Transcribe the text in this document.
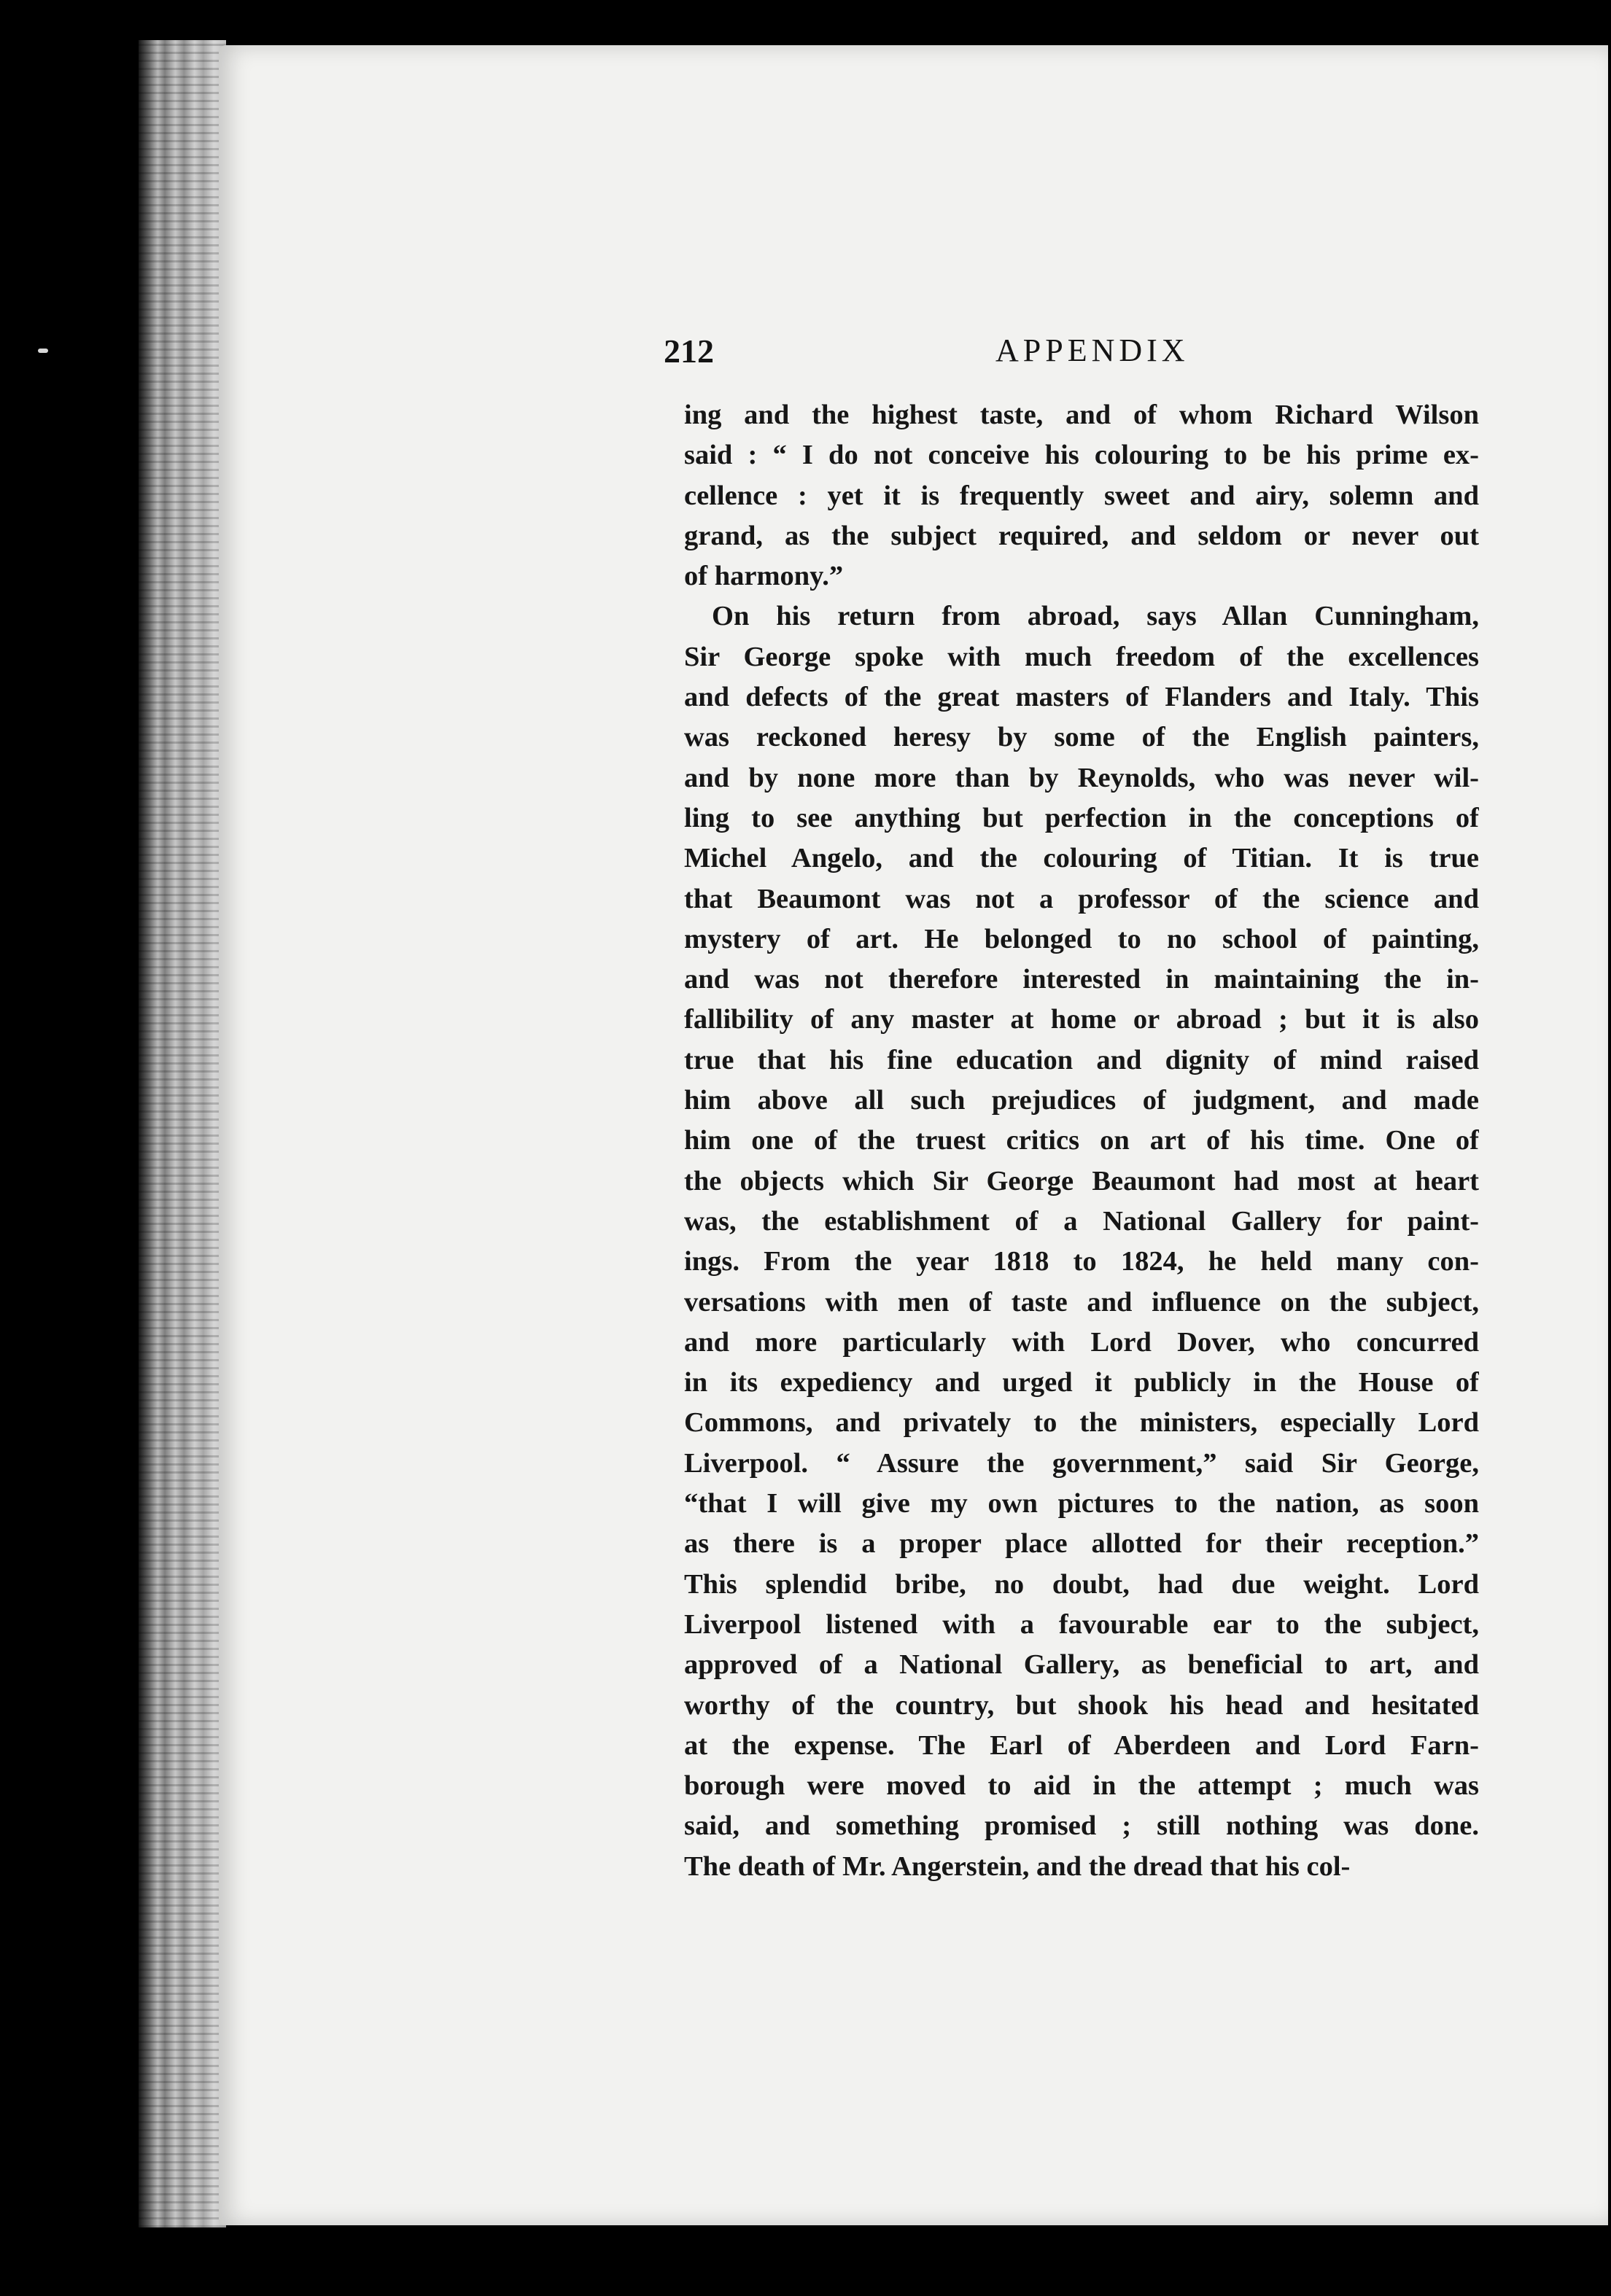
212	APPENDIX
ing and the highest taste, and of whom Richard Wilson
said : “ I do not conceive his colouring to be his prime ex-
cellence : yet it is frequently sweet and airy, solemn and
grand, as the subject required, and seldom or never out
of harmony.”
On his return from abroad, says Allan Cunningham,
Sir George spoke with much freedom of the excellences
and defects of the great masters of Flanders and Italy. This
was reckoned heresy by some of the English painters,
and by none more than by Reynolds, who was never wil-
ling to see anything but perfection in the conceptions of
Michel Angelo, and the colouring of Titian. It is true
that Beaumont was not a professor of the science and
mystery of art. He belonged to no school of painting,
and was not therefore interested in maintaining the in-
fallibility of any master at home or abroad ; but it is also
true that his fine education and dignity of mind raised
him above all such prejudices of judgment, and made
him one of the truest critics on art of his time. One of
the objects which Sir George Beaumont had most at heart
was, the establishment of a National Gallery for paint-
ings. From the year 1818 to 1824, he held many con-
versations with men of taste and influence on the subject,
and more particularly with Lord Dover, who concurred
in its expediency and urged it publicly in the House of
Commons, and privately to the ministers, especially Lord
Liverpool. “ Assure the government,” said Sir George,
“that I will give my own pictures to the nation, as soon
as there is a proper place allotted for their reception.”
This splendid bribe, no doubt, had due weight. Lord
Liverpool listened with a favourable ear to the subject,
approved of a National Gallery, as beneficial to art, and
worthy of the country, but shook his head and hesitated
at the expense. The Earl of Aberdeen and Lord Farn-
borough were moved to aid in the attempt ; much was
said, and something promised ; still nothing was done.
The death of Mr. Angerstein, and the dread that his col-
